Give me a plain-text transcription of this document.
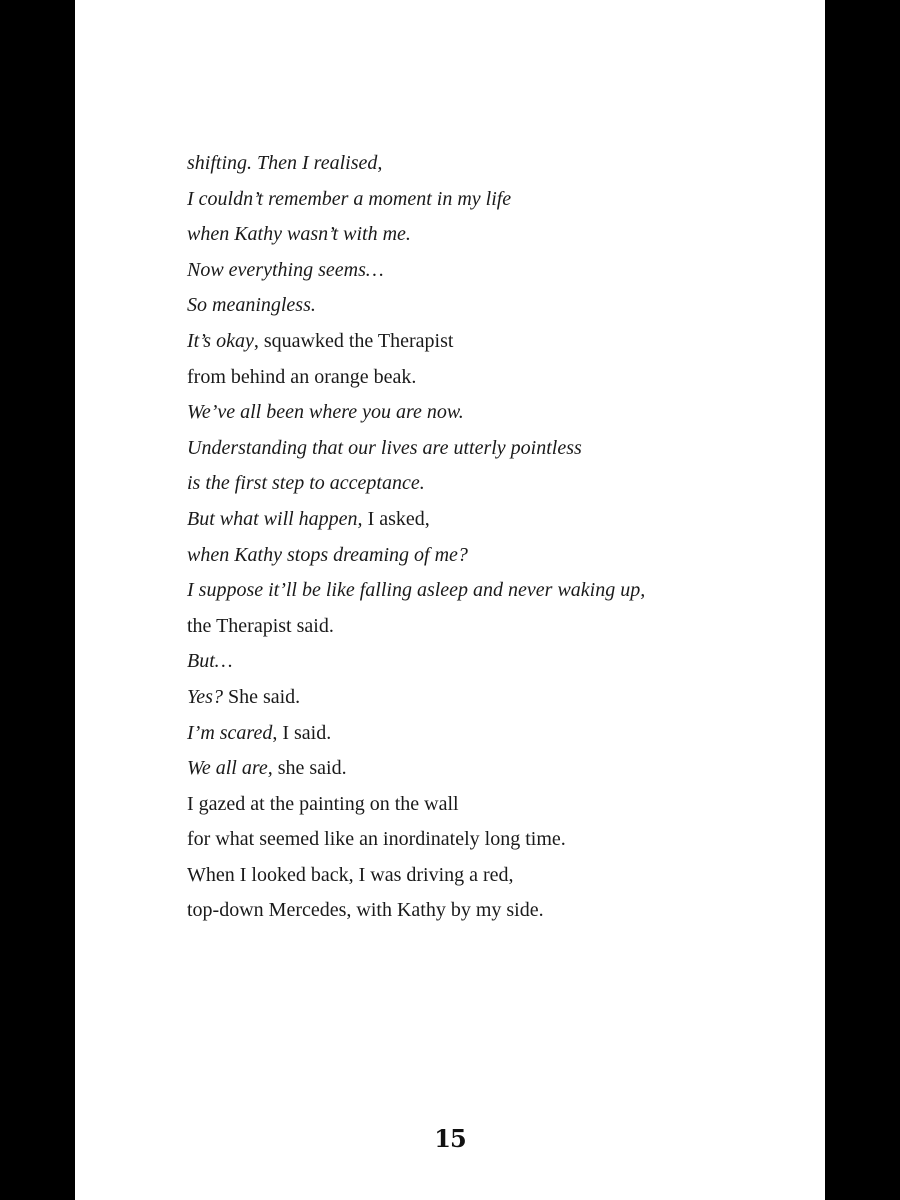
shifting. Then I realised,
I couldn’t remember a moment in my life
when Kathy wasn’t with me.
Now everything seems…
So meaningless.
It’s okay, squawked the Therapist
from behind an orange beak.
We’ve all been where you are now.
Understanding that our lives are utterly pointless
is the first step to acceptance.
But what will happen, I asked,
when Kathy stops dreaming of me?
I suppose it’ll be like falling asleep and never waking up,
the Therapist said.
But…
Yes? She said.
I’m scared, I said.
We all are, she said.
I gazed at the painting on the wall
for what seemed like an inordinately long time.
When I looked back, I was driving a red,
top-down Mercedes, with Kathy by my side.
15
